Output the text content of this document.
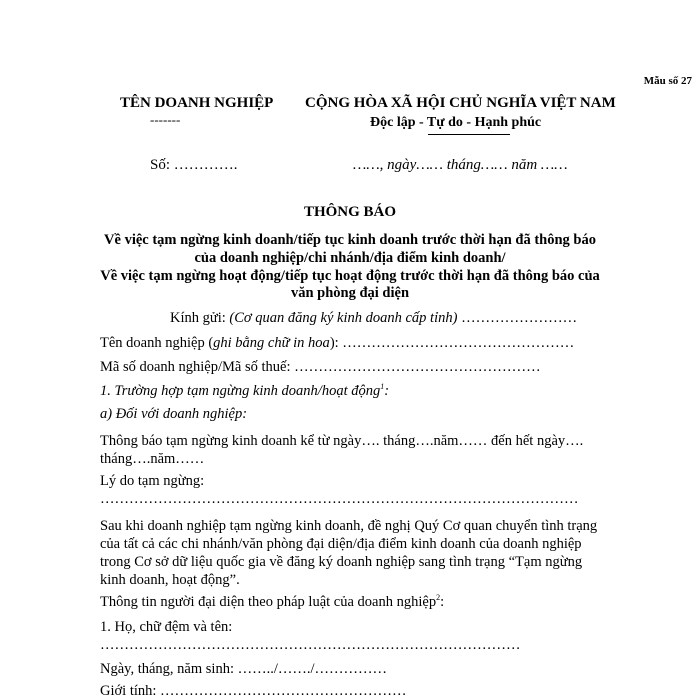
Mẫu số 27
TÊN DOANH NGHIỆP
-------
CỘNG HÒA XÃ HỘI CHỦ NGHĨA VIỆT NAM
Độc lập - Tự do - Hạnh phúc
Số: ………….	……, ngày…… tháng…… năm ……
THÔNG BÁO
Về việc tạm ngừng kinh doanh/tiếp tục kinh doanh trước thời hạn đã thông báo
của doanh nghiệp/chi nhánh/địa điểm kinh doanh/
Về việc tạm ngừng hoạt động/tiếp tục hoạt động trước thời hạn đã thông báo của
văn phòng đại diện
Kính gửi: (Cơ quan đăng ký kinh doanh cấp tỉnh) ……………………
Tên doanh nghiệp (ghi bằng chữ in hoa): …………………………………………
Mã số doanh nghiệp/Mã số thuế: ……………………………………………
1. Trường hợp tạm ngừng kinh doanh/hoạt động$^1$:
a) Đối với doanh nghiệp:
Thông báo tạm ngừng kinh doanh kể từ ngày…. tháng….năm…… đến hết ngày…. tháng….năm……
Lý do tạm ngừng:
………………………………………………………………………………………
Sau khi doanh nghiệp tạm ngừng kinh doanh, đề nghị Quý Cơ quan chuyển tình trạng của tất cả các chi nhánh/văn phòng đại diện/địa điểm kinh doanh của doanh nghiệp trong Cơ sở dữ liệu quốc gia về đăng ký doanh nghiệp sang tình trạng “Tạm ngừng kinh doanh, hoạt động”.
Thông tin người đại diện theo pháp luật của doanh nghiệp$^2$:
1. Họ, chữ đệm và tên:
……………………………………………………………………………
Ngày, tháng, năm sinh: ……../……./……………
Giới tính: ……………………………………………
